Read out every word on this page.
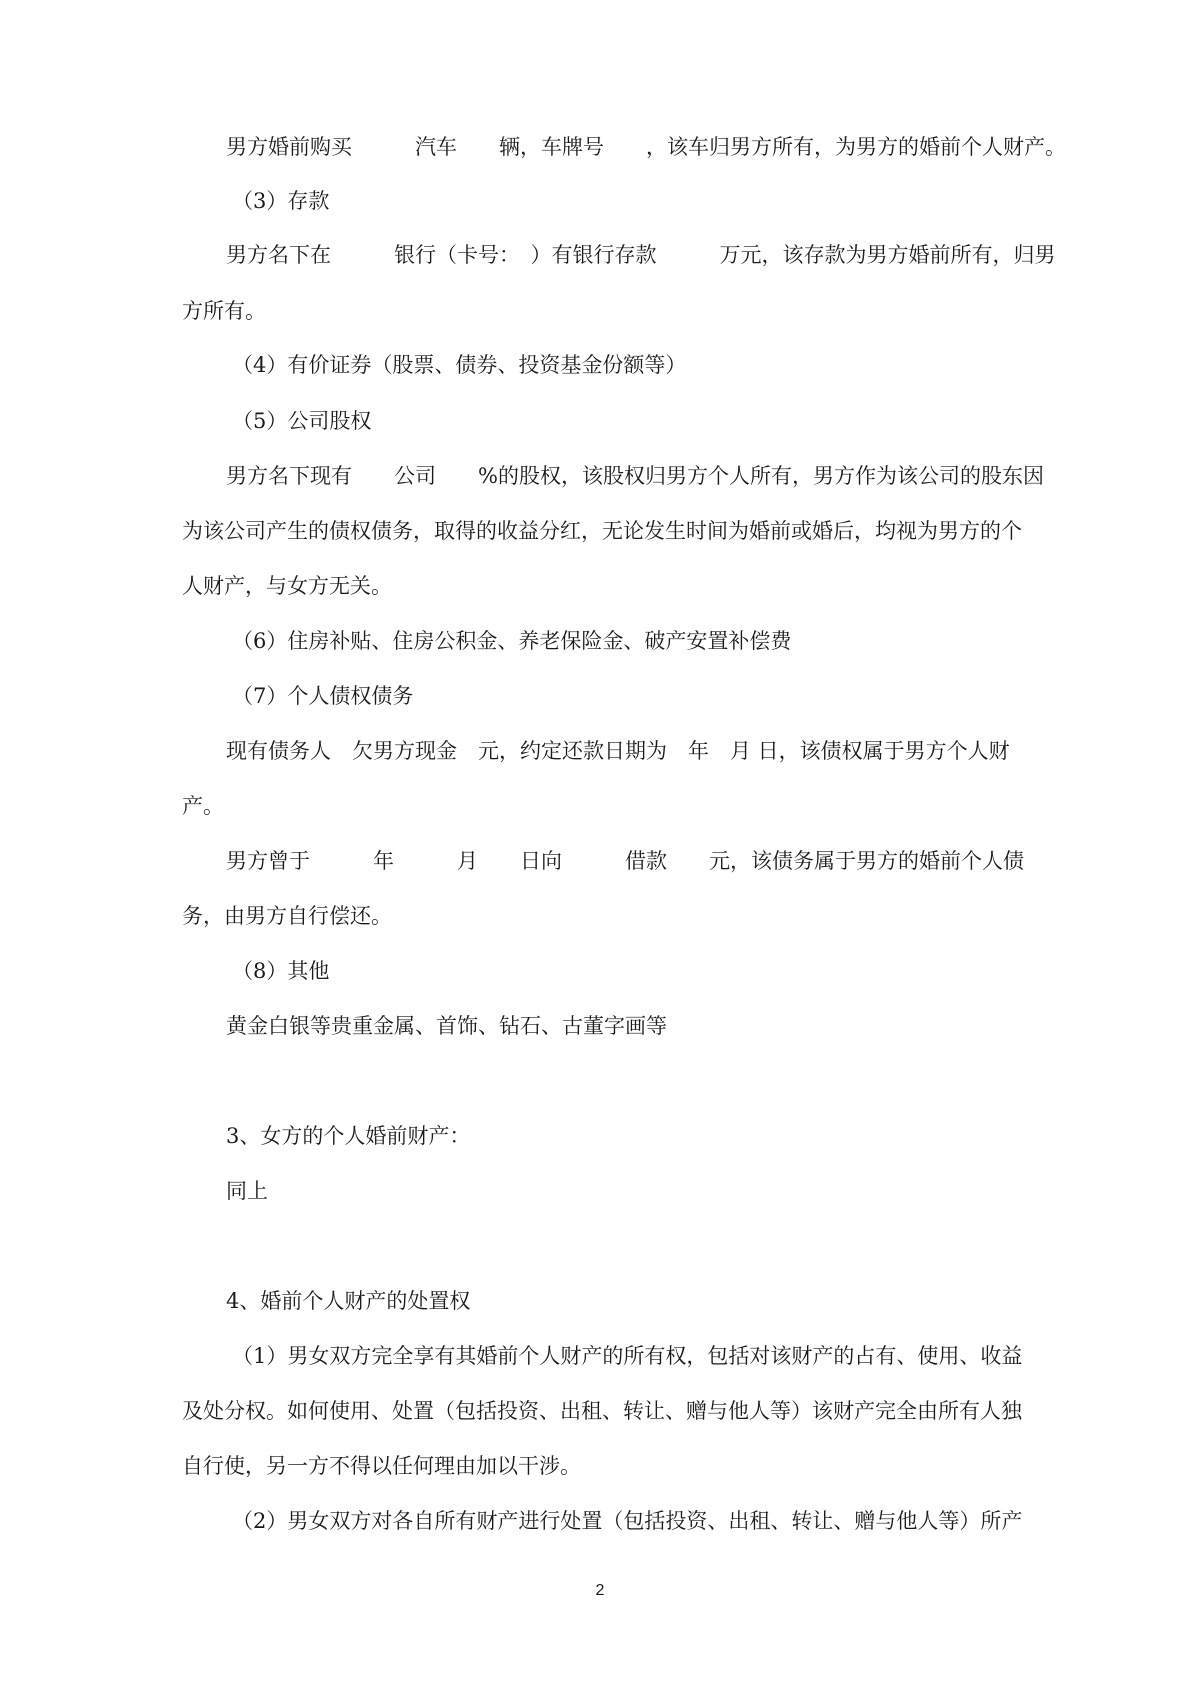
男方婚前购买　　　汽车　　辆，车牌号　　，该车归男方所有，为男方的婚前个人财产。
（3）存款
男方名下在　　　银行（卡号：　）有银行存款　　　万元，该存款为男方婚前所有，归男
方所有。
（4）有价证券（股票、债券、投资基金份额等）
（5）公司股权
男方名下现有　　公司　　%的股权，该股权归男方个人所有，男方作为该公司的股东因
为该公司产生的债权债务，取得的收益分红，无论发生时间为婚前或婚后，均视为男方的个
人财产，与女方无关。
（6）住房补贴、住房公积金、养老保险金、破产安置补偿费
（7）个人债权债务
现有债务人　欠男方现金　元，约定还款日期为　年　月 日，该债权属于男方个人财
产。
男方曾于　　　年　　　月　　日向　　　借款　　元，该债务属于男方的婚前个人债
务，由男方自行偿还。
（8）其他
黄金白银等贵重金属、首饰、钻石、古董字画等
3、女方的个人婚前财产：
同上
4、婚前个人财产的处置权
（1）男女双方完全享有其婚前个人财产的所有权，包括对该财产的占有、使用、收益
及处分权。如何使用、处置（包括投资、出租、转让、赠与他人等）该财产完全由所有人独
自行使，另一方不得以任何理由加以干涉。
（2）男女双方对各自所有财产进行处置（包括投资、出租、转让、赠与他人等）所产
2
